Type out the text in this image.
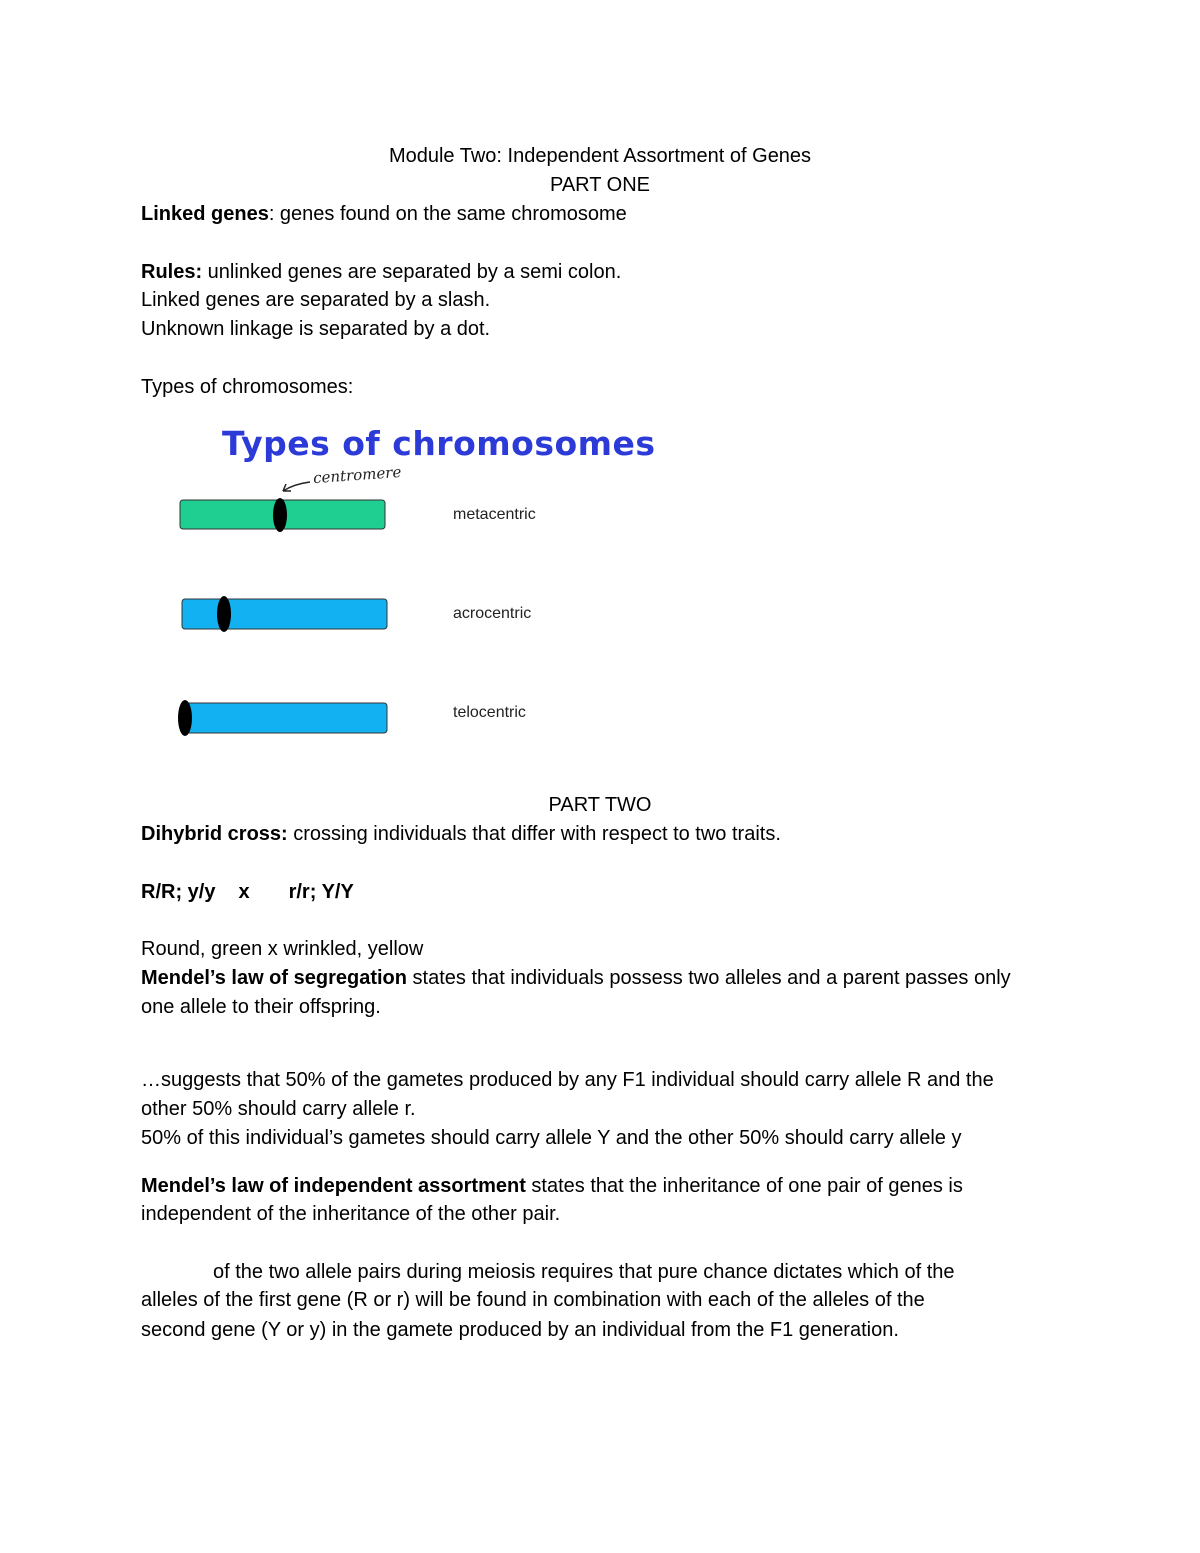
Module Two: Independent Assortment of Genes
PART ONE
Linked genes: genes found on the same chromosome
Rules: unlinked genes are separated by a semi colon.
Linked genes are separated by a slash.
Unknown linkage is separated by a dot.
Types of chromosomes:
Types of chromosomes
centromere
metacentric
acrocentric
telocentric
PART TWO
Dihybrid cross: crossing individuals that differ with respect to two traits.
R/R; y/y x r/r; Y/Y
Round, green x wrinkled, yellow
Mendel’s law of segregation states that individuals possess two alleles and a parent passes only
one allele to their offspring.
…suggests that 50% of the gametes produced by any F1 individual should carry allele R and the
other 50% should carry allele r.
50% of this individual’s gametes should carry allele Y and the other 50% should carry allele y
Mendel’s law of independent assortment states that the inheritance of one pair of genes is
independent of the inheritance of the other pair.
of the two allele pairs during meiosis requires that pure chance dictates which of the
alleles of the first gene (R or r) will be found in combination with each of the alleles of the
second gene (Y or y) in the gamete produced by an individual from the F1 generation.
